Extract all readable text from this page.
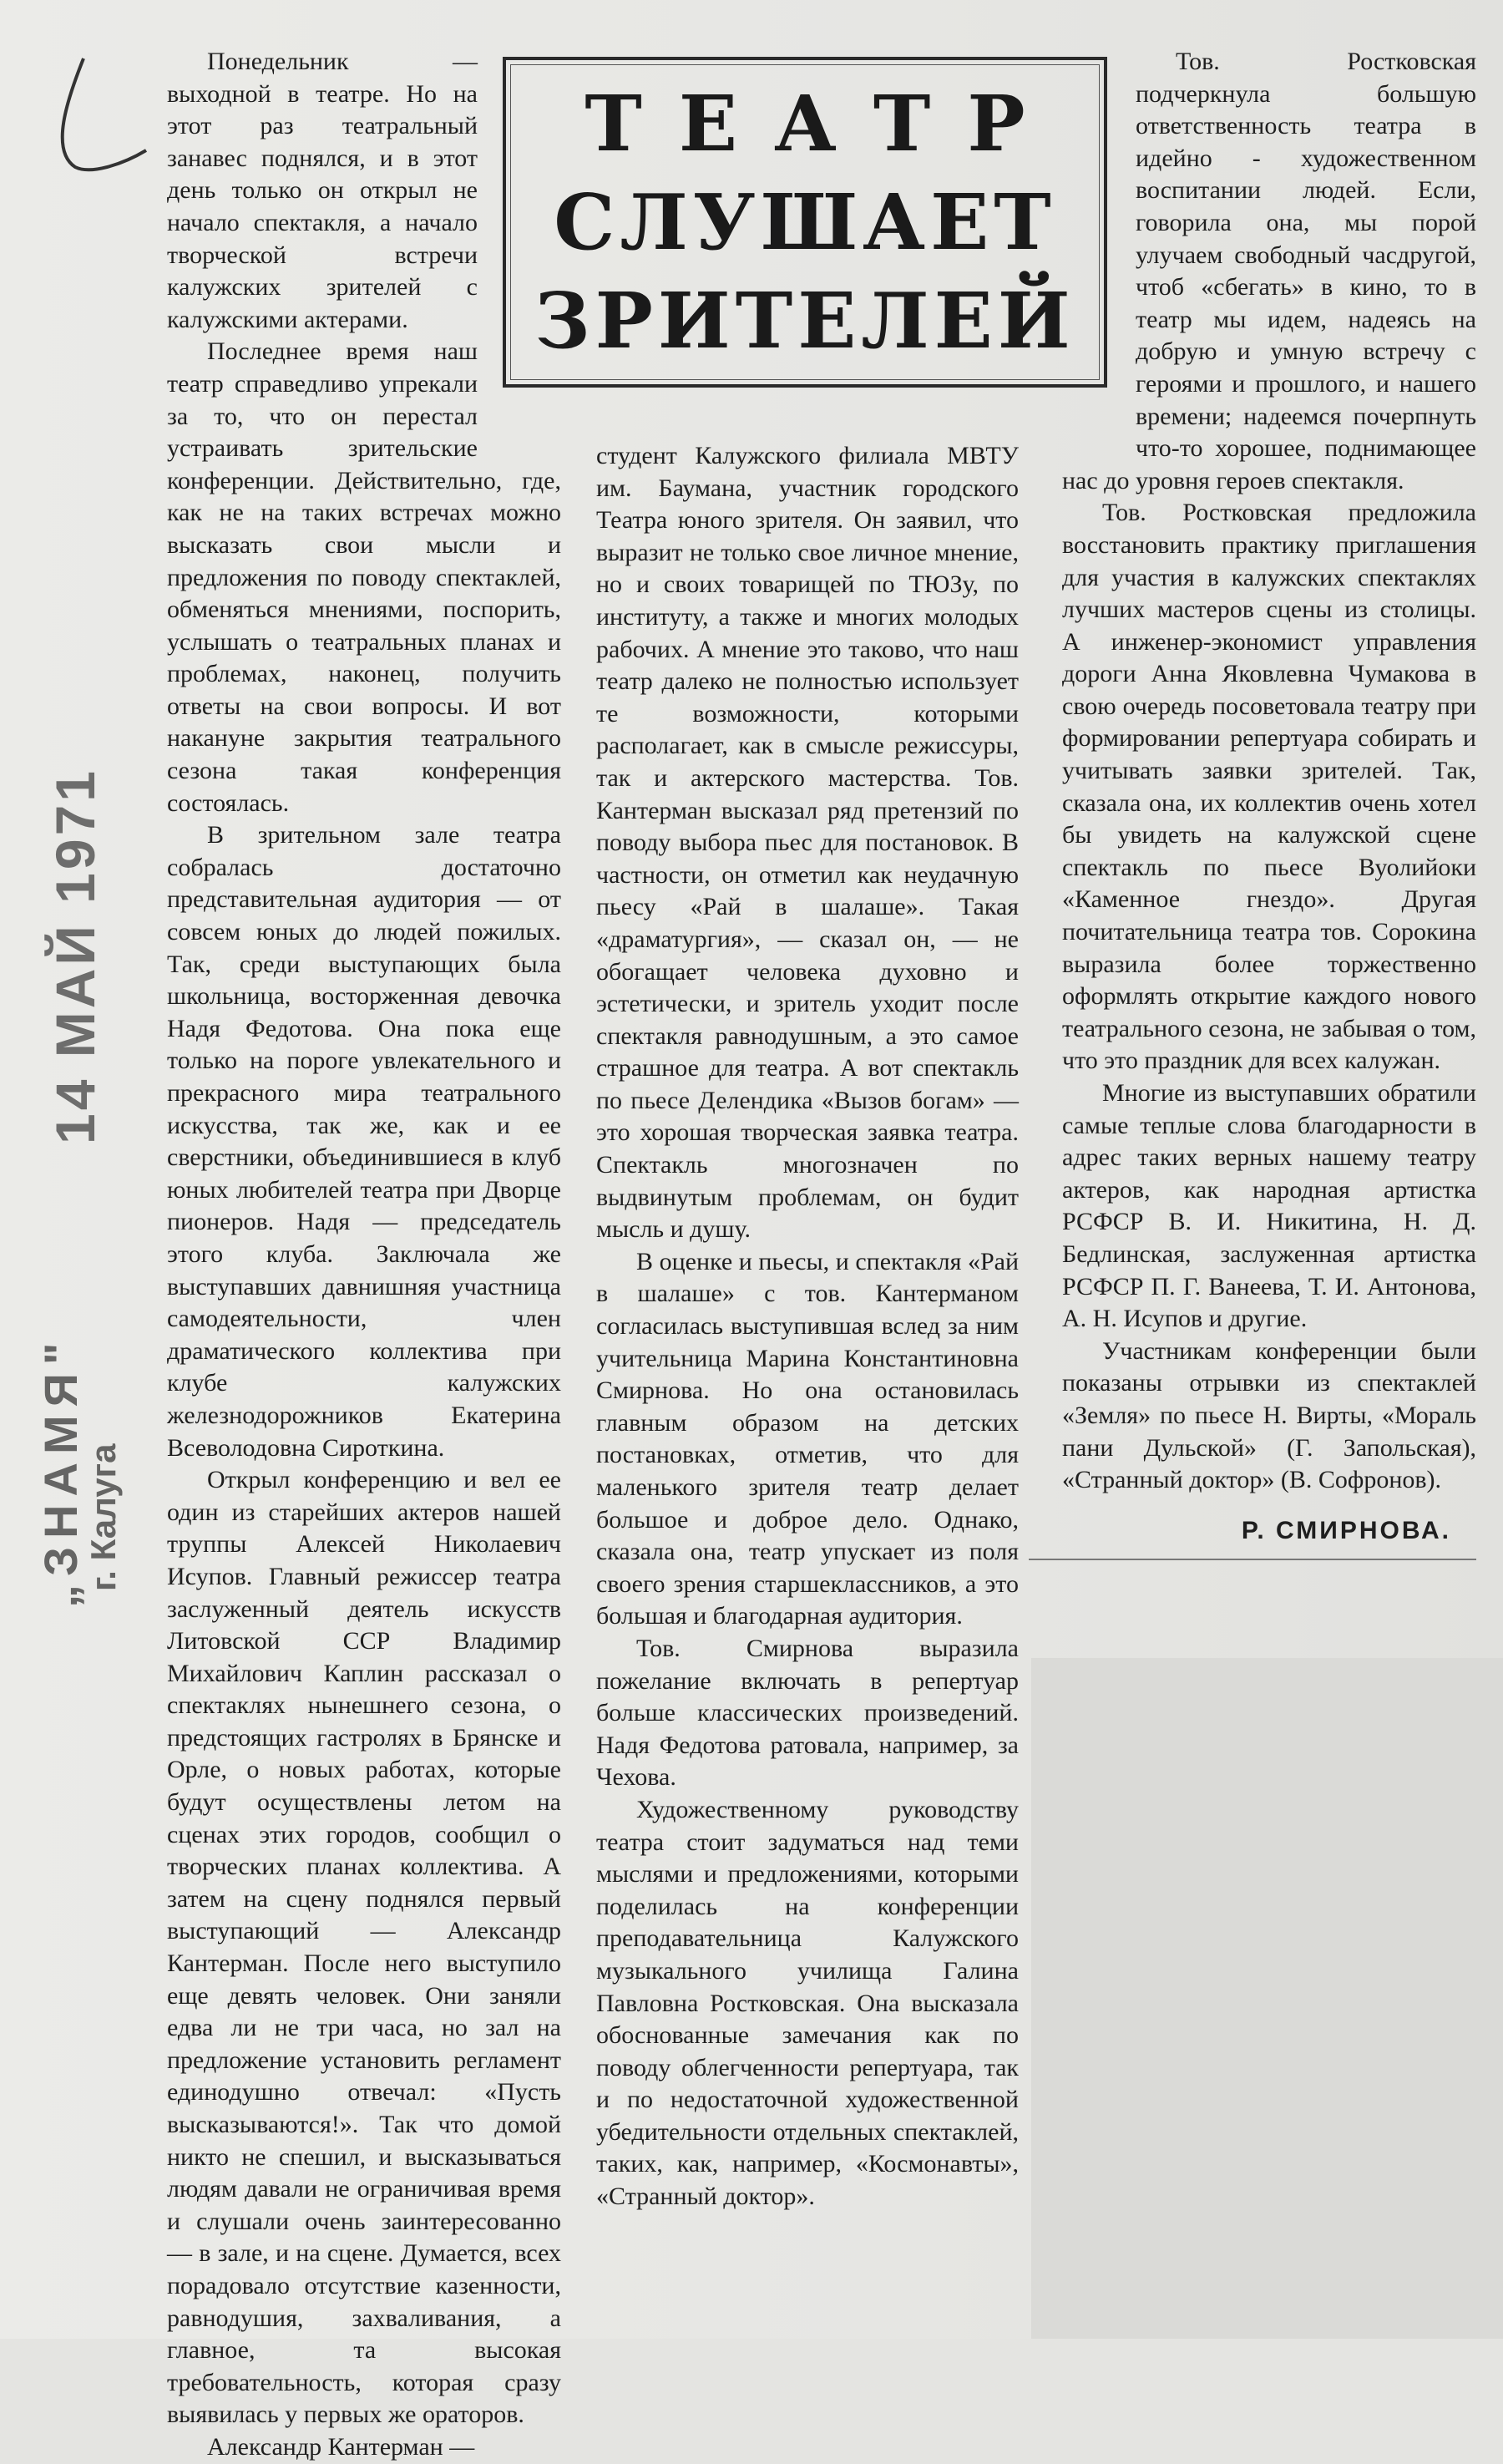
14 МАЙ 1971
„ЗНАМЯ"
г. Калуга
ТЕАТР
СЛУШАЕТ
ЗРИТЕЛЕЙ

Понедельник — выходной в театре. Но на этот раз театральный занавес поднялся, и в этот день только он открыл не начало спектакля, а начало творческой встречи калужских зрителей с калужскими актерами.

Последнее время наш театр справедливо упрекали за то, что он перестал устраивать зрительские конференции. Действительно, где, как не на таких встречах можно высказать свои мысли и предложения по поводу спектаклей, обменяться мнениями, поспорить, услышать о театральных планах и проблемах, наконец, получить ответы на свои вопросы. И вот накануне закрытия театрального сезона такая конференция состоялась.

В зрительном зале театра собралась достаточно представительная аудитория — от совсем юных до людей пожилых. Так, среди выступающих была школьница, восторженная девочка Надя Федотова. Она пока еще только на пороге увлекательного и прекрасного мира театрального искусства, так же, как и ее сверстники, объединившиеся в клуб юных любителей театра при Дворце пионеров. Надя — председатель этого клуба. Заключала же выступавших давнишняя участница самодеятельности, член драматического коллектива при клубе калужских железнодорожников Екатерина Всеволодовна Сироткина.

Открыл конференцию и вел ее один из старейших актеров нашей труппы Алексей Николаевич Исупов. Главный режиссер театра заслуженный деятель искусств Литовской ССР Владимир Михайлович Каплин рассказал о спектаклях нынешнего сезона, о предстоящих гастролях в Брянске и Орле, о новых работах, которые будут осуществлены летом на сценах этих городов, сообщил о творческих планах коллектива. А затем на сцену поднялся первый выступающий — Александр Кантерман. После него выступило еще девять человек. Они заняли едва ли не три часа, но зал на предложение установить регламент единодушно отвечал: «Пусть высказываются!». Так что домой никто не спешил, и высказываться людям давали не ограничивая время и слушали очень заинтересованно — в зале, и на сцене. Думается, всех порадовало отсутствие казенности, равнодушия, захваливания, а главное, та высокая требовательность, которая сразу выявилась у первых же ораторов.

Александр Кантерман —

студент Калужского филиала МВТУ им. Баумана, участник городского Театра юного зрителя. Он заявил, что выразит не только свое личное мнение, но и своих товарищей по ТЮЗу, по институту, а также и многих молодых рабочих. А мнение это таково, что наш театр далеко не полностью использует те возможности, которыми располагает, как в смысле режиссуры, так и актерского мастерства. Тов. Кантерман высказал ряд претензий по поводу выбора пьес для постановок. В частности, он отметил как неудачную пьесу «Рай в шалаше». Такая «драматургия», — сказал он, — не обогащает человека духовно и эстетически, и зритель уходит после спектакля равнодушным, а это самое страшное для театра. А вот спектакль по пьесе Делендика «Вызов богам» — это хорошая творческая заявка театра. Спектакль многозначен по выдвинутым проблемам, он будит мысль и душу.

В оценке и пьесы, и спектакля «Рай в шалаше» с тов. Кантерманом согласилась выступившая вслед за ним учительница Марина Константиновна Смирнова. Но она остановилась главным образом на детских постановках, отметив, что для маленького зрителя театр делает большое и доброе дело. Однако, сказала она, театр упускает из поля своего зрения старшеклассников, а это большая и благодарная аудитория.

Тов. Смирнова выразила пожелание включать в репертуар больше классических произведений. Надя Федотова ратовала, например, за Чехова.

Художественному руководству театра стоит задуматься над теми мыслями и предложениями, которыми поделилась на конференции преподавательница Калужского музыкального училища Галина Павловна Ростковская. Она высказала обоснованные замечания как по поводу облегченности репертуара, так и по недостаточной художественной убедительности отдельных спектаклей, таких, как, например, «Космонавты», «Странный доктор».

Тов. Ростковская подчеркнула большую ответственность театра в идейно - художественном воспитании людей. Если, говорила она, мы порой улучаем свободный часдругой, чтоб «сбегать» в кино, то в театр мы идем, надеясь на добрую и умную встречу с героями и прошлого, и нашего времени; надеемся почерпнуть что-то хорошее, поднимающее нас до уровня героев спектакля.

Тов. Ростковская предложила восстановить практику приглашения для участия в калужских спектаклях лучших мастеров сцены из столицы. А инженер-экономист управления дороги Анна Яковлевна Чумакова в свою очередь посоветовала театру при формировании репертуара собирать и учитывать заявки зрителей. Так, сказала она, их коллектив очень хотел бы увидеть на калужской сцене спектакль по пьесе Вуолийоки «Каменное гнездо». Другая почитательница театра тов. Сорокина выразила более торжественно оформлять открытие каждого нового театрального сезона, не забывая о том, что это праздник для всех калужан.

Многие из выступавших обратили самые теплые слова благодарности в адрес таких верных нашему театру актеров, как народная артистка РСФСР В. И. Никитина, Н. Д. Бедлинская, заслуженная артистка РСФСР П. Г. Ванеева, Т. И. Антонова, А. Н. Исупов и другие.

Участникам конференции были показаны отрывки из спектаклей «Земля» по пьесе Н. Вирты, «Мораль пани Дульской» (Г. Запольская), «Странный доктор» (В. Софронов).

Р. СМИРНОВА.
